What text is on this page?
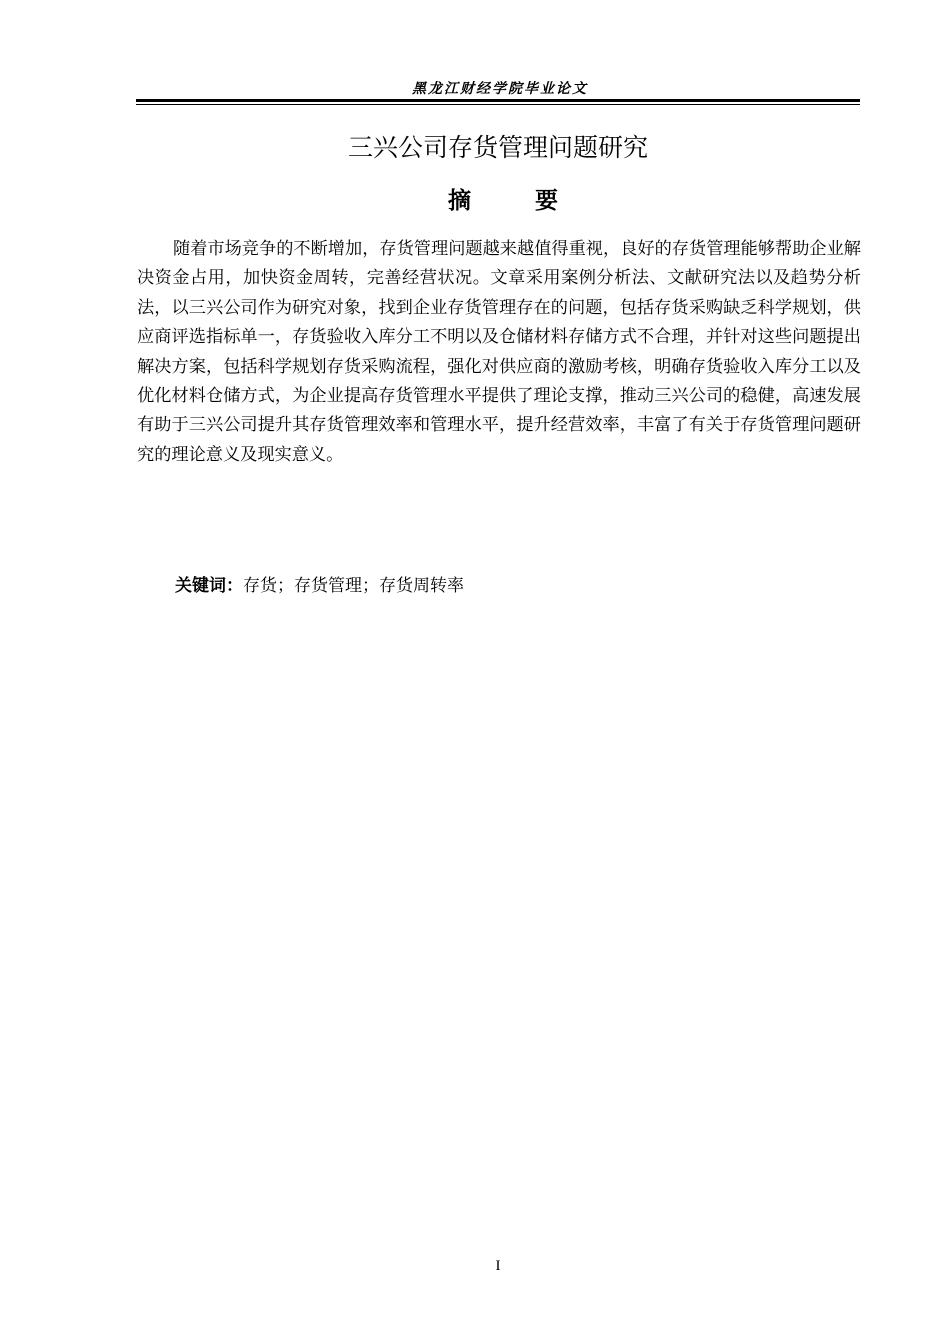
黑龙江财经学院毕业论文
三兴公司存货管理问题研究
摘	要

随着市场竞争的不断增加，存货管理问题越来越值得重视，良好的存货管理能够帮助企业解决资金占用，加快资金周转，完善经营状况。文章采用案例分析法、文献研究法以及趋势分析法，以三兴公司作为研究对象，找到企业存货管理存在的问题，包括存货采购缺乏科学规划，供应商评选指标单一，存货验收入库分工不明以及仓储材料存储方式不合理，并针对这些问题提出解决方案，包括科学规划存货采购流程，强化对供应商的激励考核，明确存货验收入库分工以及优化材料仓储方式，为企业提高存货管理水平提供了理论支撑，推动三兴公司的稳健，高速发展有助于三兴公司提升其存货管理效率和管理水平，提升经营效率，丰富了有关于存货管理问题研究的理论意义及现实意义。

关键词：存货；存货管理；存货周转率
I
